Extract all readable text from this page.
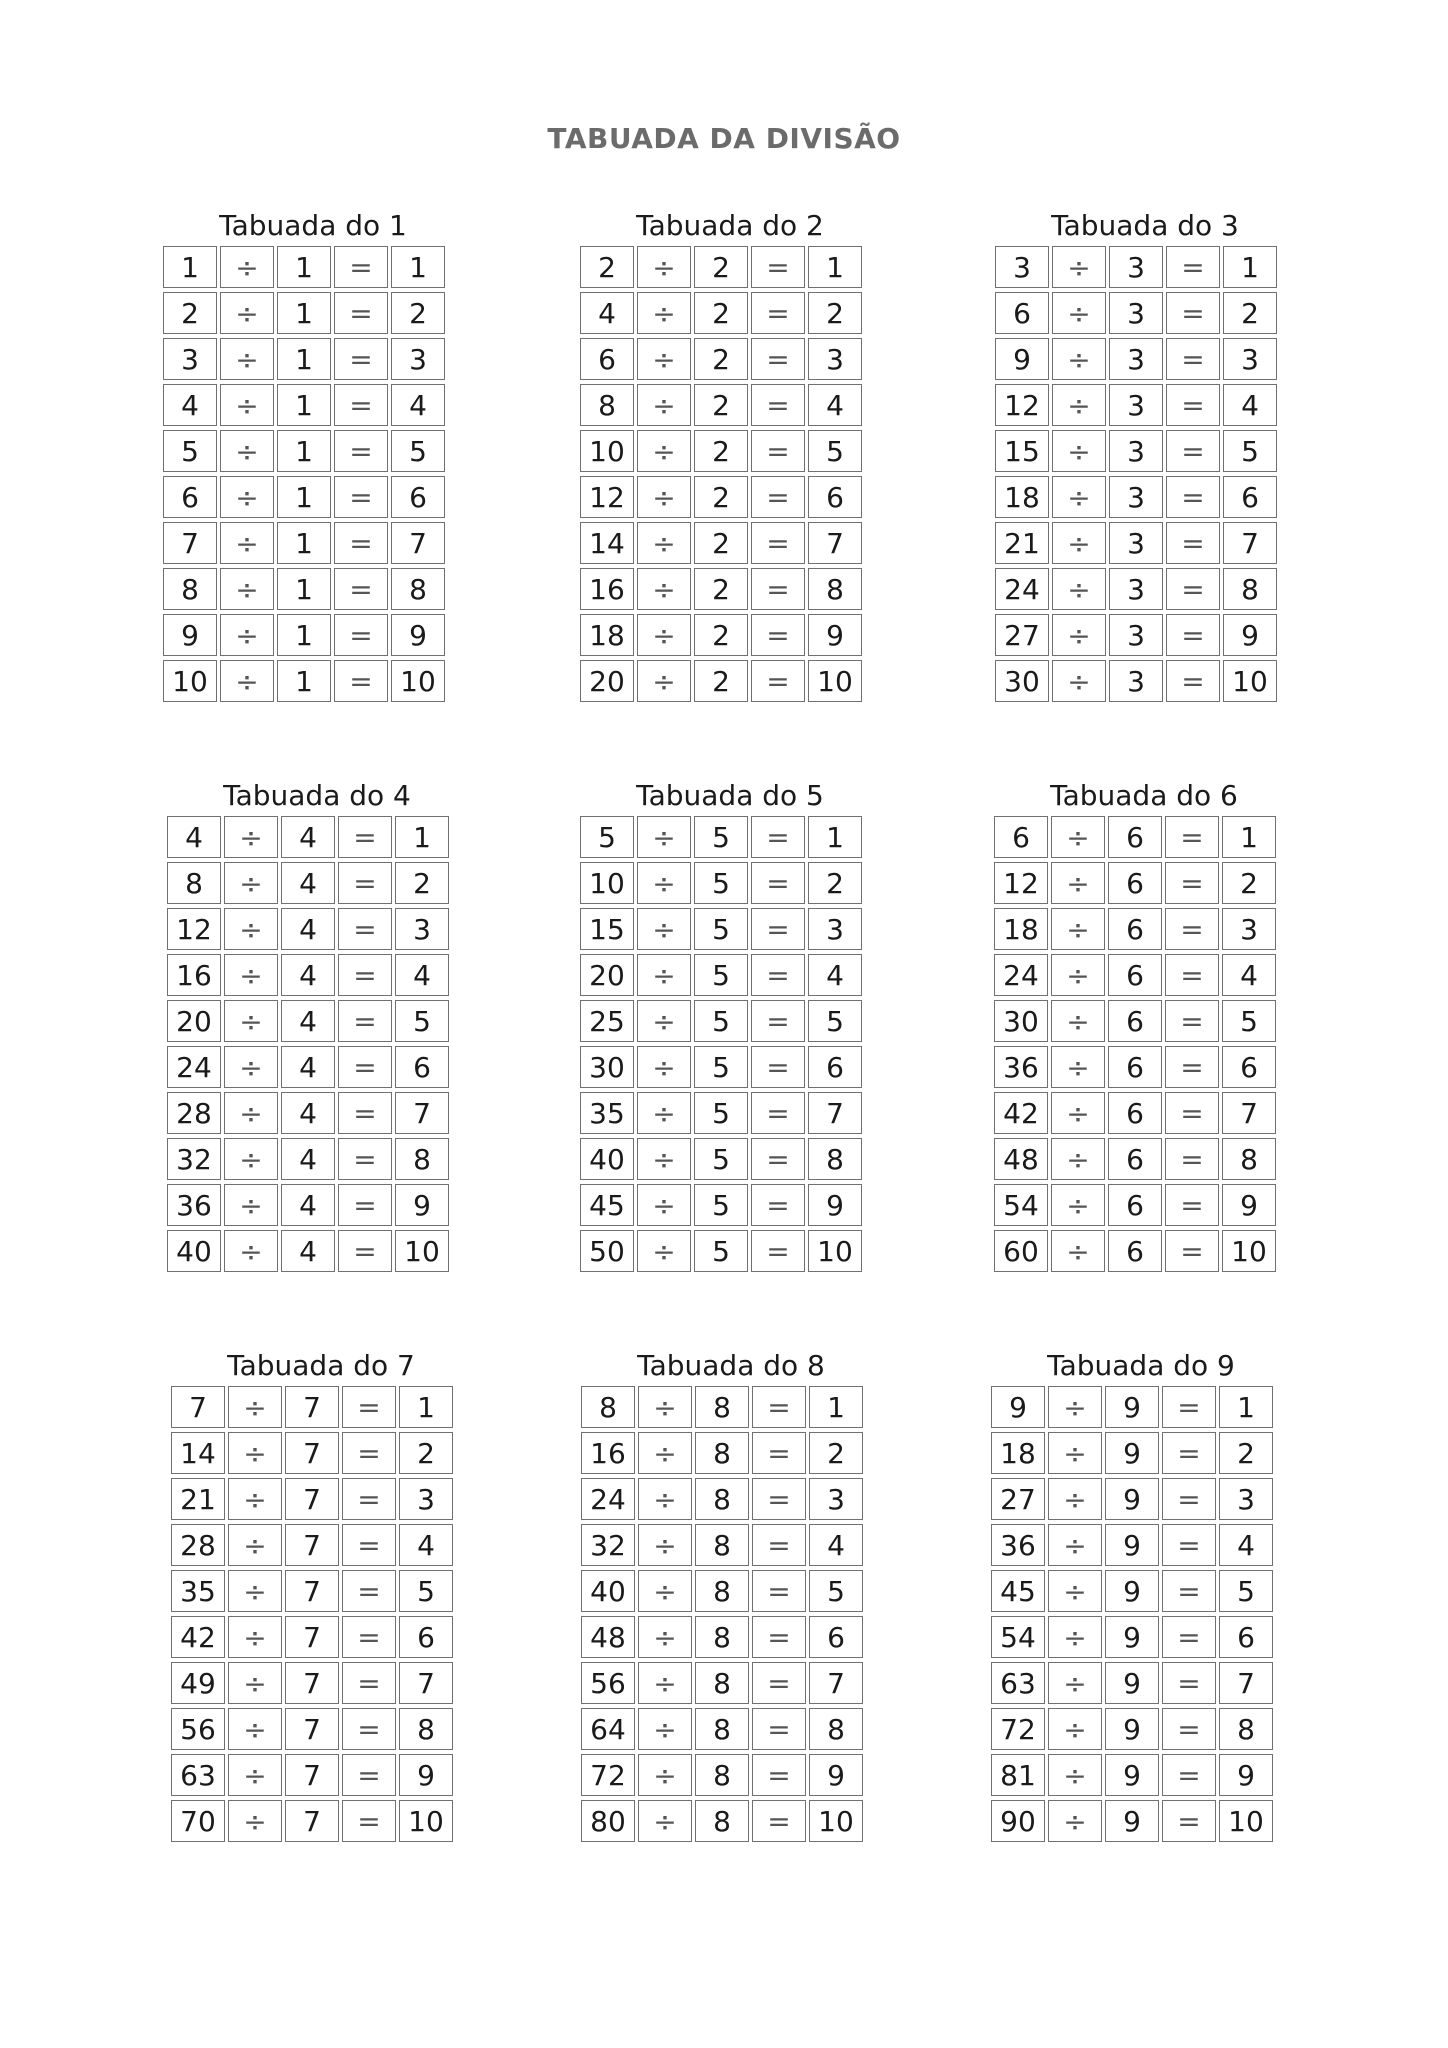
TABUADA DA DIVISÃO
Tabuada do 1
1	÷	1	=	1
2	÷	1	=	2
3	÷	1	=	3
4	÷	1	=	4
5	÷	1	=	5
6	÷	1	=	6
7	÷	1	=	7
8	÷	1	=	8
9	÷	1	=	9
10 ÷	1	= 10
Tabuada do 2
2	÷	2	=	1
4	÷	2	=	2
6	÷	2	=	3
8	÷	2	=	4
10 ÷	2	=	5
12 ÷	2	=	6
14 ÷	2	=	7
16 ÷	2	=	8
18 ÷	2	=	9
20 ÷	2	= 10
Tabuada do 3
3	÷	3	=	1
6	÷	3	=	2
9	÷	3	=	3
12 ÷	3	=	4
15 ÷	3	=	5
18 ÷	3	=	6
21 ÷	3	=	7
24 ÷	3	=	8
27 ÷	3	=	9
30 ÷	3	= 10
Tabuada do 4
4	÷	4	=	1
8	÷	4	=	2
12 ÷	4	=	3
16 ÷	4	=	4
20 ÷	4	=	5
24 ÷	4	=	6
28 ÷	4	=	7
32 ÷	4	=	8
36 ÷	4	=	9
40 ÷	4	= 10
Tabuada do 5
5	÷	5	=	1
10 ÷	5	=	2
15 ÷	5	=	3
20 ÷	5	=	4
25 ÷	5	=	5
30 ÷	5	=	6
35 ÷	5	=	7
40 ÷	5	=	8
45 ÷	5	=	9
50 ÷	5	= 10
Tabuada do 6
6	÷	6	=	1
12 ÷	6	=	2
18 ÷	6	=	3
24 ÷	6	=	4
30 ÷	6	=	5
36 ÷	6	=	6
42 ÷	6	=	7
48 ÷	6	=	8
54 ÷	6	=	9
60 ÷	6	= 10
Tabuada do 7
7	÷	7	=	1
14 ÷	7	=	2
21 ÷	7	=	3
28 ÷	7	=	4
35 ÷	7	=	5
42 ÷	7	=	6
49 ÷	7	=	7
56 ÷	7	=	8
63 ÷	7	=	9
70 ÷	7	= 10
Tabuada do 8
8	÷	8	=	1
16 ÷	8	=	2
24 ÷	8	=	3
32 ÷	8	=	4
40 ÷	8	=	5
48 ÷	8	=	6
56 ÷	8	=	7
64 ÷	8	=	8
72 ÷	8	=	9
80 ÷	8	= 10
Tabuada do 9
9	÷	9	=	1
18 ÷	9	=	2
27 ÷	9	=	3
36 ÷	9	=	4
45 ÷	9	=	5
54 ÷	9	=	6
63 ÷	9	=	7
72 ÷	9	=	8
81 ÷	9	=	9
90 ÷	9	= 10
